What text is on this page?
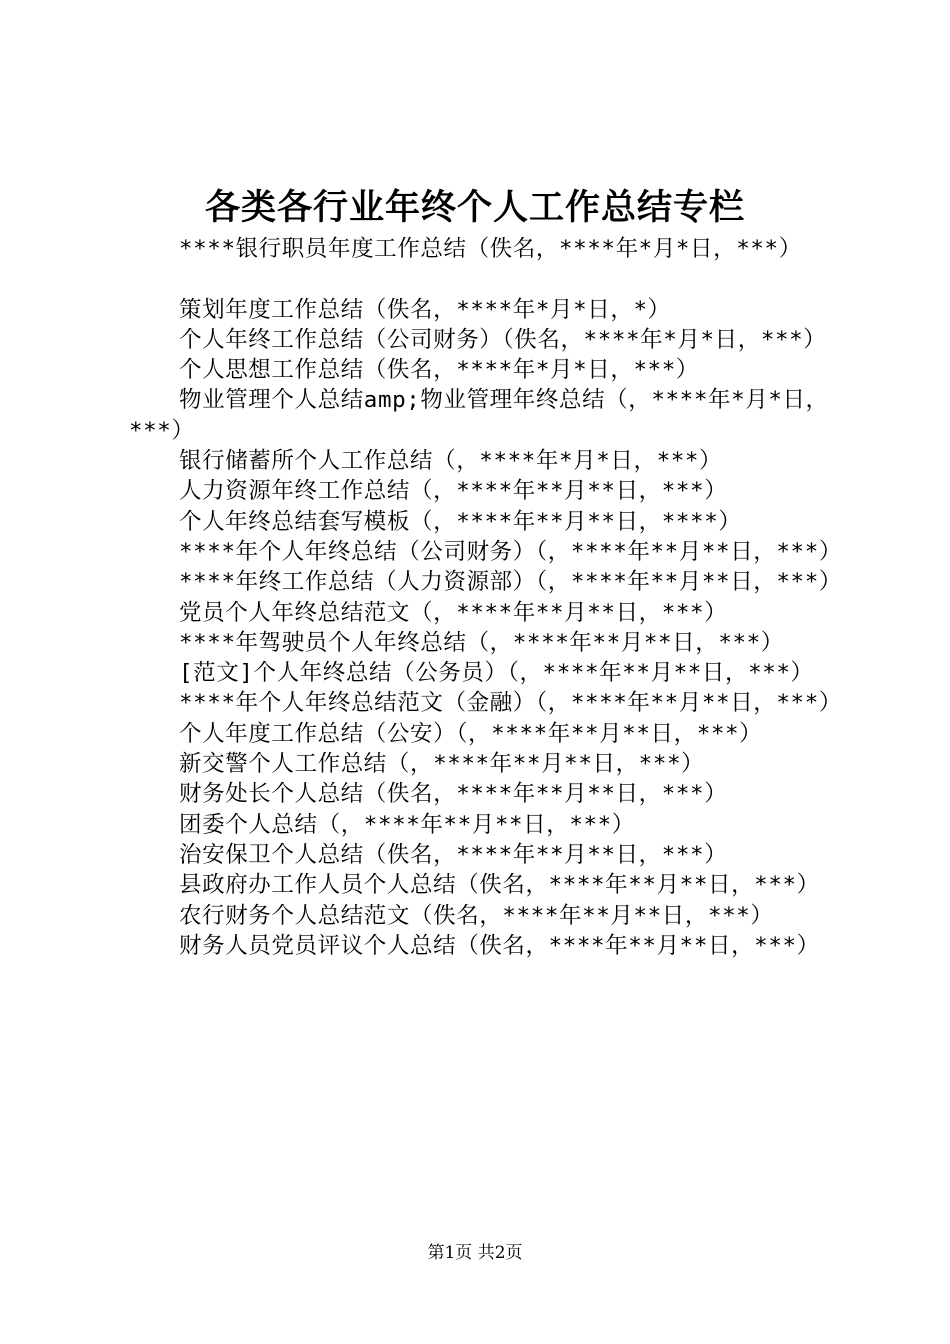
各类各行业年终个人工作总结专栏
****银行职员年度工作总结（佚名，****年*月*日，***）
策划年度工作总结（佚名，****年*月*日，*）
个人年终工作总结（公司财务）（佚名，****年*月*日，***）
个人思想工作总结（佚名，****年*月*日，***）
物业管理个人总结amp;物业管理年终总结（，****年*月*日，***）
银行储蓄所个人工作总结（，****年*月*日，***）
人力资源年终工作总结（，****年**月**日，***）
个人年终总结套写模板（，****年**月**日，****）
****年个人年终总结（公司财务）（，****年**月**日，***）
****年终工作总结（人力资源部）（，****年**月**日，***）
党员个人年终总结范文（，****年**月**日，***）
****年驾驶员个人年终总结（，****年**月**日，***）
[范文]个人年终总结（公务员）（，****年**月**日，***）
****年个人年终总结范文（金融）（，****年**月**日，***）
个人年度工作总结（公安）（，****年**月**日，***）
新交警个人工作总结（，****年**月**日，***）
财务处长个人总结（佚名，****年**月**日，***）
团委个人总结（，****年**月**日，***）
治安保卫个人总结（佚名，****年**月**日，***）
县政府办工作人员个人总结（佚名，****年**月**日，***）
农行财务个人总结范文（佚名，****年**月**日，***）
财务人员党员评议个人总结（佚名，****年**月**日，***）
第1页 共2页
